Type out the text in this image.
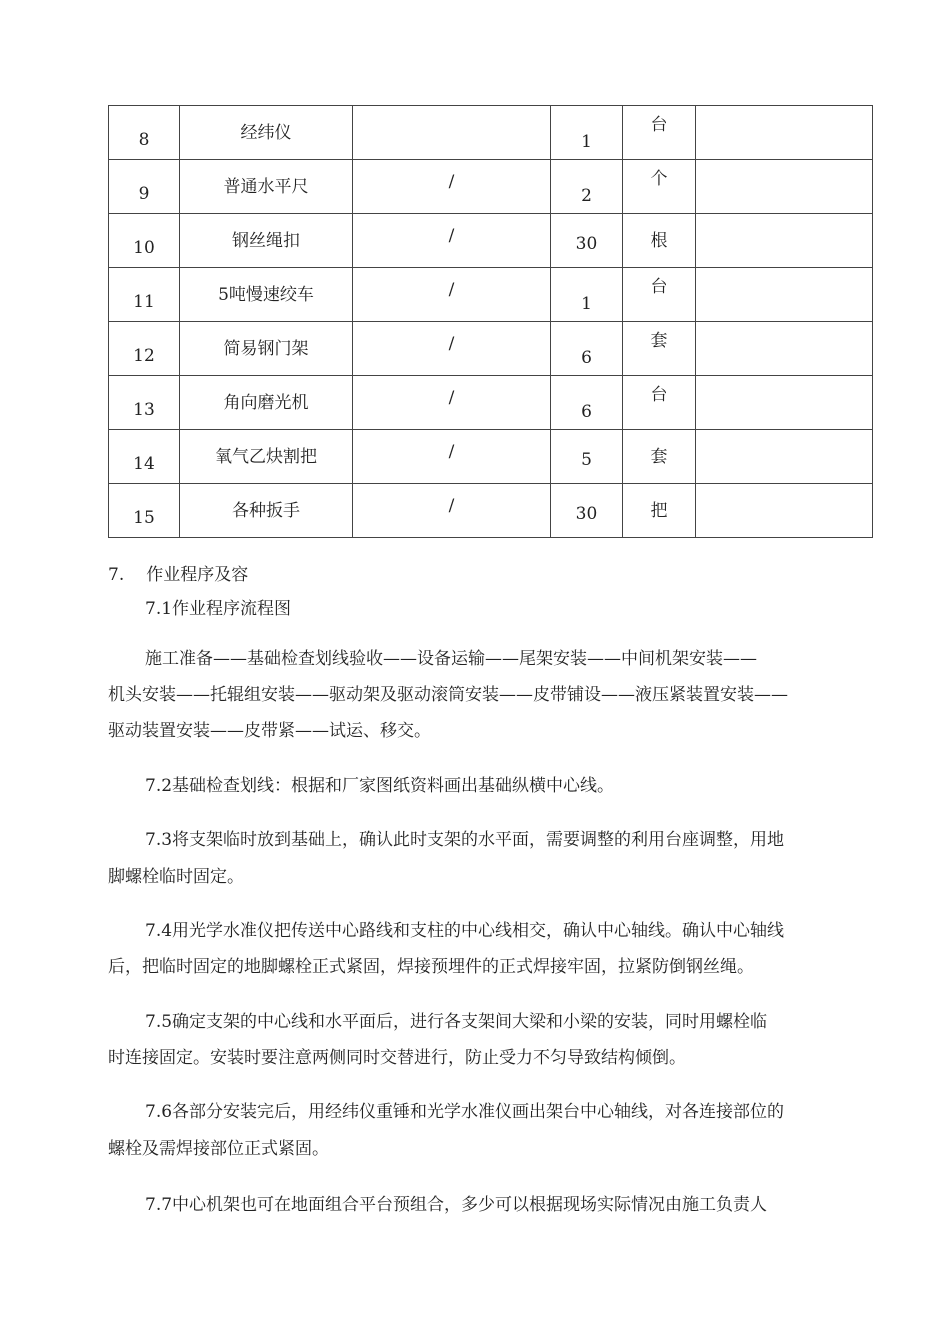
8	经纬仪		1	台	

9	普通水平尺	/	2	个	

10	钢丝绳扣	/	30	根	

11	5吨慢速绞车	/	1	台	

12	简易钢门架	/	6	套	

13	角向磨光机	/	6	台	

14	氧气乙炔割把	/	5	套	

15	各种扳手	/	30	把	

7. 作业程序及容
7.1作业程序流程图
施工准备——基础检查划线验收——设备运输——尾架安装——中间机架安装——
机头安装——托辊组安装——驱动架及驱动滚筒安装——皮带铺设——液压紧装置安装——
驱动装置安装——皮带紧——试运、移交。
7.2基础检查划线：根据和厂家图纸资料画出基础纵横中心线。
7.3将支架临时放到基础上，确认此时支架的水平面，需要调整的利用台座调整，用地
脚螺栓临时固定。
7.4用光学水准仪把传送中心路线和支柱的中心线相交，确认中心轴线。确认中心轴线
后，把临时固定的地脚螺栓正式紧固，焊接预埋件的正式焊接牢固，拉紧防倒钢丝绳。
7.5确定支架的中心线和水平面后，进行各支架间大梁和小梁的安装，同时用螺栓临
时连接固定。安装时要注意两侧同时交替进行，防止受力不匀导致结构倾倒。
7.6各部分安装完后，用经纬仪重锤和光学水准仪画出架台中心轴线，对各连接部位的
螺栓及需焊接部位正式紧固。
7.7中心机架也可在地面组合平台预组合，多少可以根据现场实际情况由施工负责人
